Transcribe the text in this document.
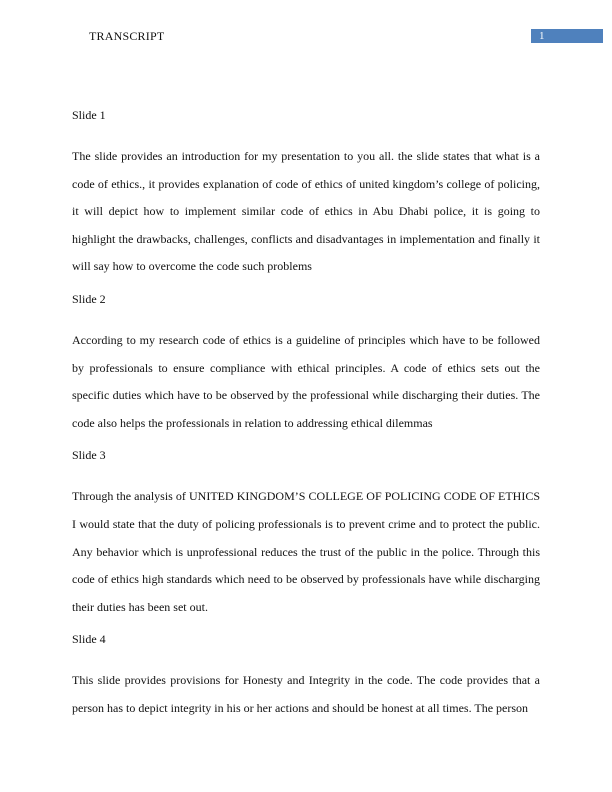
TRANSCRIPT	1

Slide 1

The slide provides an introduction for my presentation to you all. the slide states that what is a code of ethics., it provides explanation of code of ethics of united kingdom’s college of policing, it will depict how to implement similar code of ethics in Abu Dhabi police, it is going to highlight the drawbacks, challenges, conflicts and disadvantages in implementation and finally it will say how to overcome the code such problems

Slide 2

According to my research code of ethics is a guideline of principles which have to be followed by professionals to ensure compliance with ethical principles. A code of ethics sets out the specific duties which have to be observed by the professional while discharging their duties. The code also helps the professionals in relation to addressing ethical dilemmas

Slide 3

Through the analysis of UNITED KINGDOM’S COLLEGE OF POLICING CODE OF ETHICS I would state that the duty of policing professionals is to prevent crime and to protect the public. Any behavior which is unprofessional reduces the trust of the public in the police. Through this code of ethics high standards which need to be observed by professionals have while discharging their duties has been set out.

Slide 4

This slide provides provisions for Honesty and Integrity in the code. The code provides that a person has to depict integrity in his or her actions and should be honest at all times. The person
